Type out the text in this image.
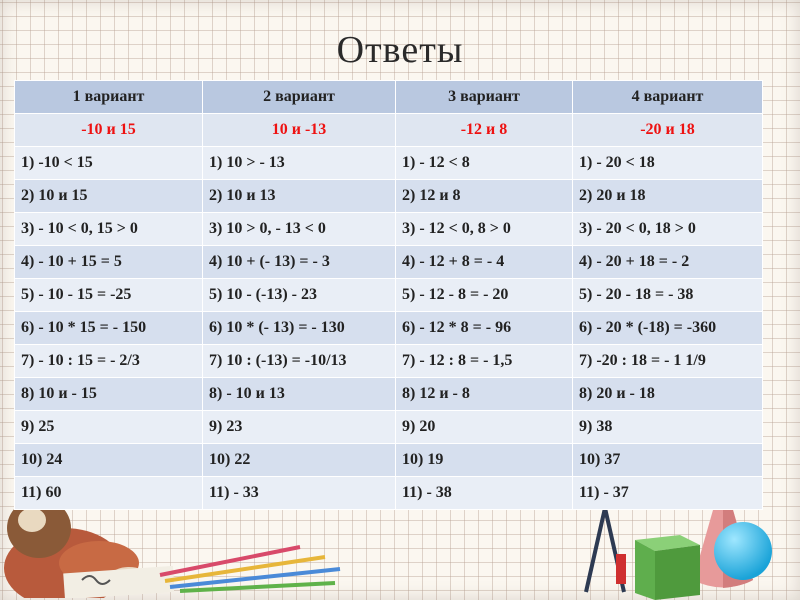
Ответы
1 вариант	2 вариант	3 вариант	4 вариант
-10 и 15	10 и -13	-12 и 8	-20 и 18
1) -10 < 15	1) 10 > - 13	1) - 12 < 8	1) - 20 < 18
2) 10 и 15	2) 10 и 13	2) 12 и 8	2) 20 и 18
3) - 10 < 0, 15 > 0	3) 10 > 0, - 13 < 0	3) - 12 < 0, 8 > 0	3) - 20 < 0, 18 > 0
4) - 10 + 15 = 5	4) 10 + (- 13) = - 3	4) - 12 + 8 = - 4	4) - 20 + 18 = - 2
5) - 10 - 15 = -25	5) 10 - (-13) - 23	5) - 12 - 8 = - 20	5) - 20 - 18 = - 38
6) - 10 * 15 = - 150	6) 10 * (- 13) = - 130	6) - 12 * 8 = - 96	6) - 20 * (-18) = -360
7) - 10 : 15 = - 2/3	7) 10 : (-13) = -10/13	7) - 12 : 8 = - 1,5	7) -20 : 18 = - 1 1/9
8) 10 и - 15	8) - 10 и 13	8) 12 и - 8	8) 20 и - 18
9) 25	9) 23	9) 20	9) 38
10) 24	10) 22	10) 19	10) 37
11) 60	11) - 33	11) - 38	11) - 37
